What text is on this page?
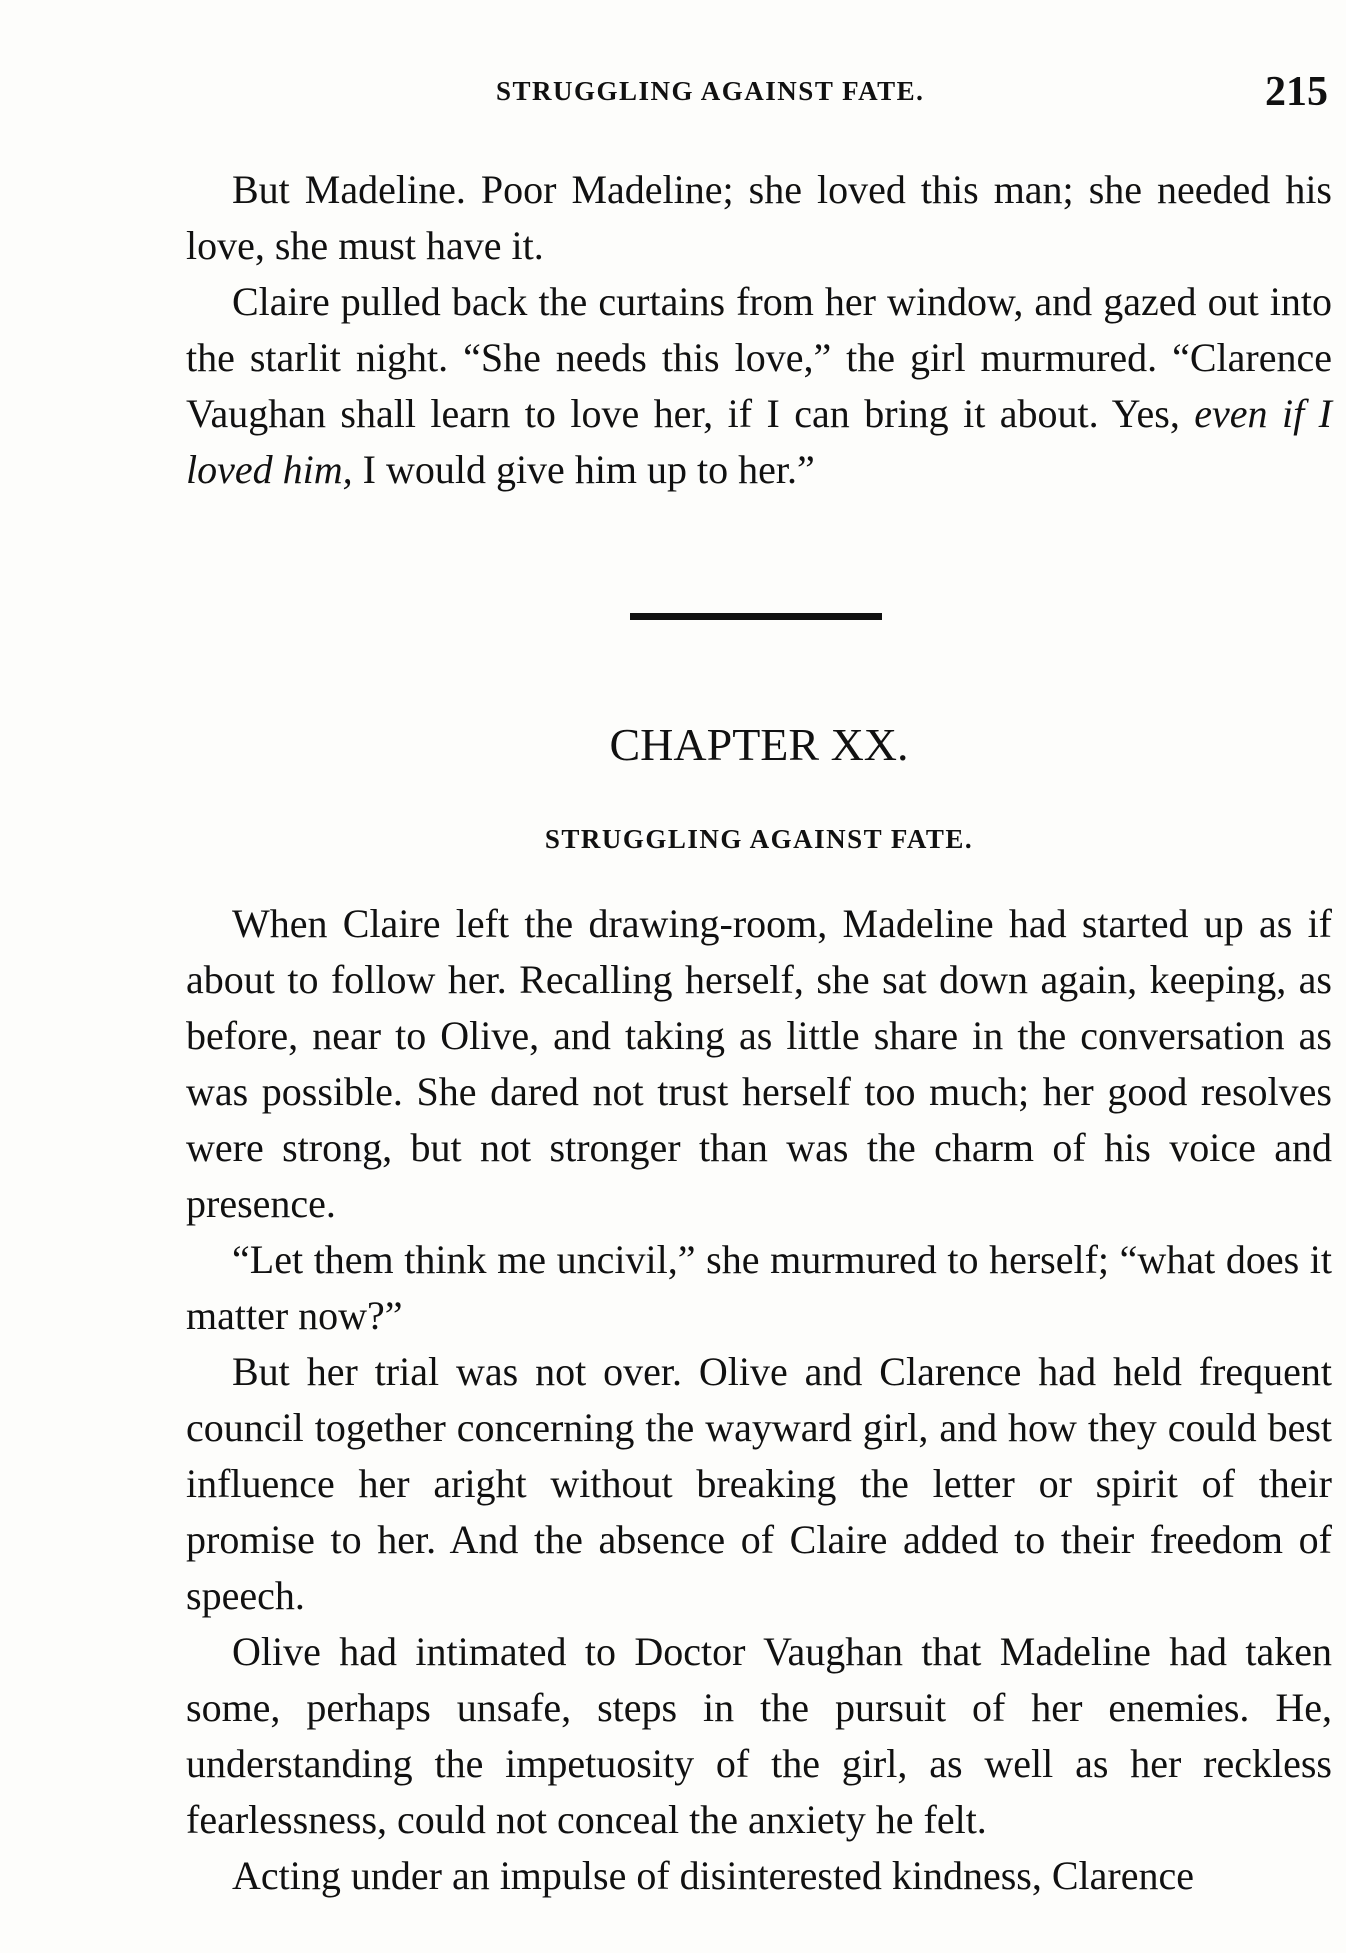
STRUGGLING AGAINST FATE.	215

But Madeline. Poor Madeline; she loved this man; she needed his love, she must have it.

Claire pulled back the curtains from her window, and gazed out into the starlit night. “She needs this love,” the girl murmured. “Clarence Vaughan shall learn to love her, if I can bring it about. Yes, even if I loved him, I would give him up to her.”

CHAPTER XX.
STRUGGLING AGAINST FATE.

When Claire left the drawing-room, Madeline had started up as if about to follow her. Recalling herself, she sat down again, keeping, as before, near to Olive, and taking as little share in the conversation as was possible. She dared not trust herself too much; her good resolves were strong, but not stronger than was the charm of his voice and presence.

“Let them think me uncivil,” she murmured to herself; “what does it matter now?”

But her trial was not over. Olive and Clarence had held frequent council together concerning the wayward girl, and how they could best influence her aright without breaking the letter or spirit of their promise to her. And the absence of Claire added to their freedom of speech.

Olive had intimated to Doctor Vaughan that Madeline had taken some, perhaps unsafe, steps in the pursuit of her enemies. He, understanding the impetuosity of the girl, as well as her reckless fearlessness, could not conceal the anxiety he felt.

Acting under an impulse of disinterested kindness, Clarence
